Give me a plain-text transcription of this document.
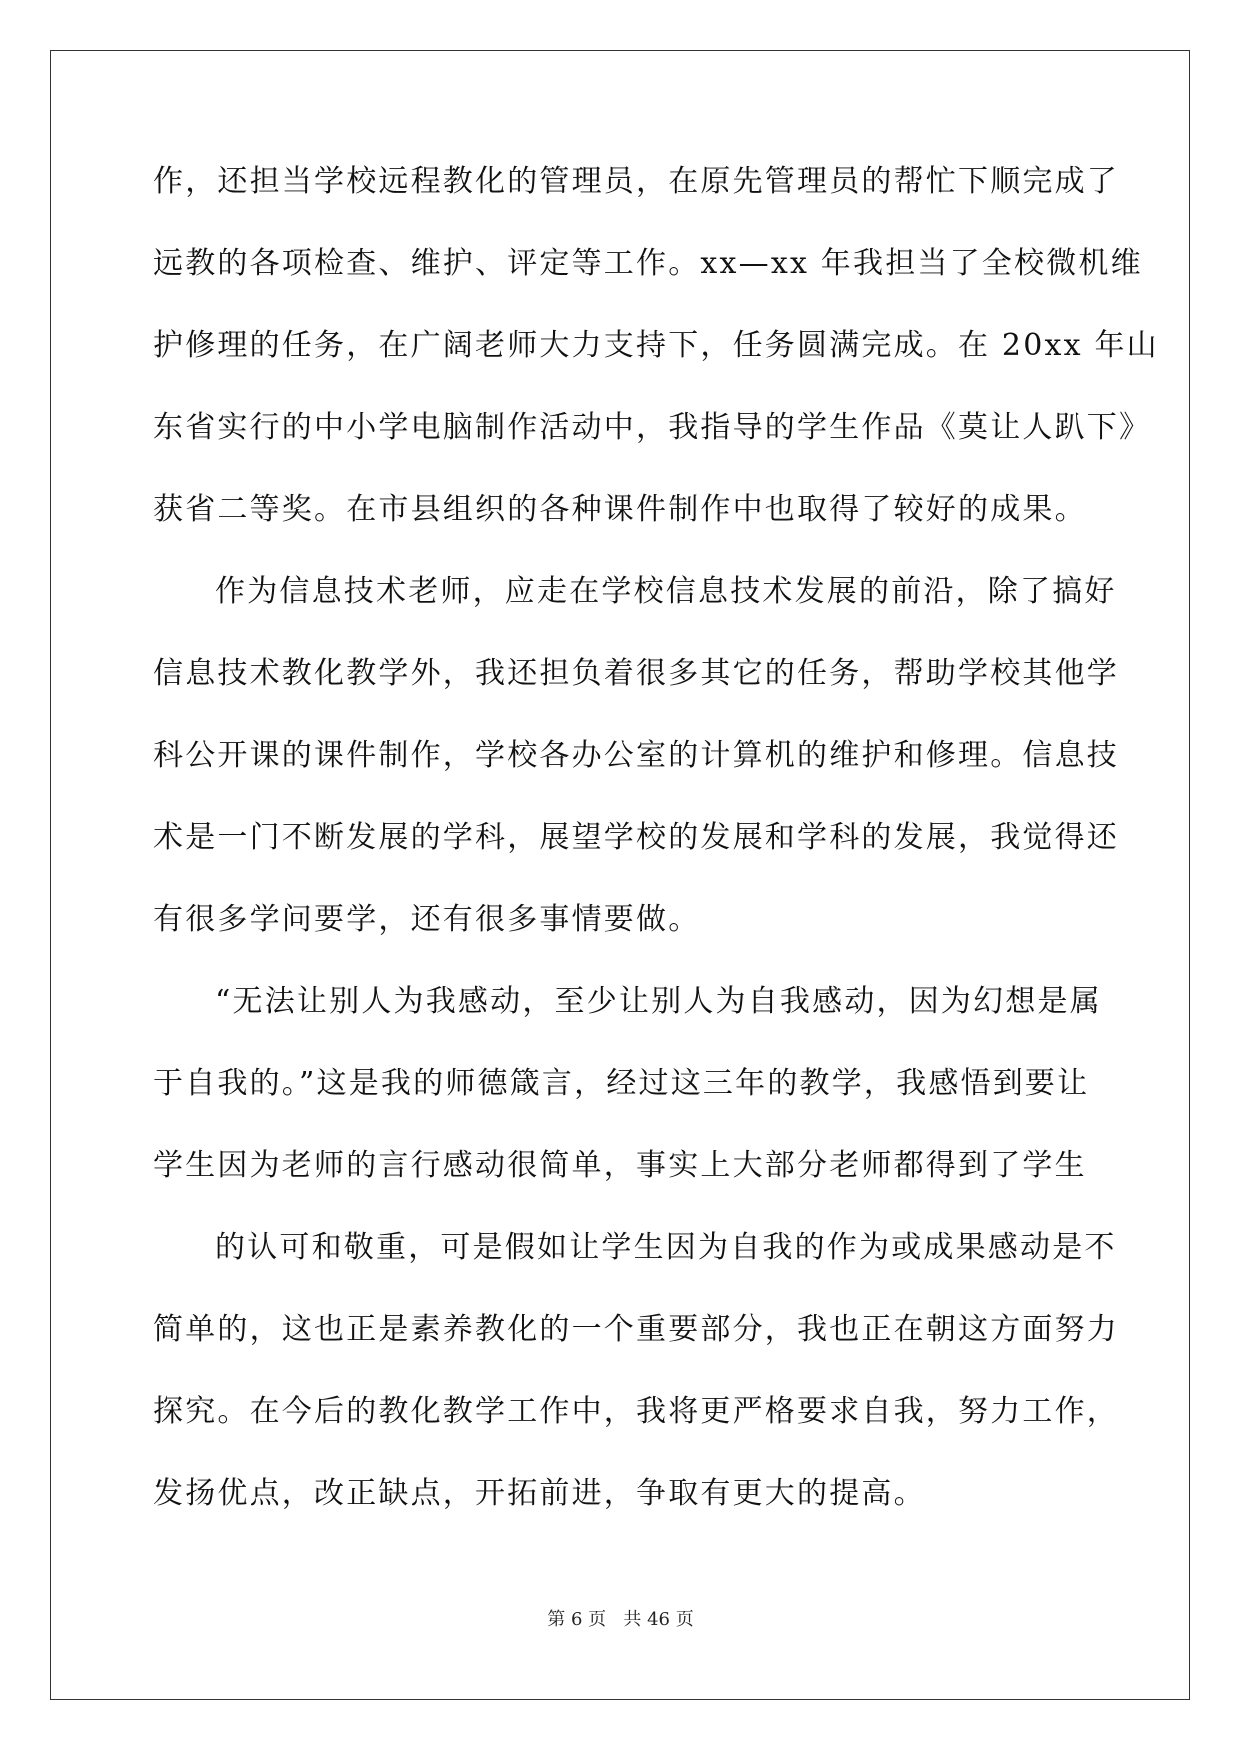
作，还担当学校远程教化的管理员，在原先管理员的帮忙下顺完成了
远教的各项检查、维护、评定等工作。xx—xx 年我担当了全校微机维
护修理的任务，在广阔老师大力支持下，任务圆满完成。在 20xx 年山
东省实行的中小学电脑制作活动中，我指导的学生作品《莫让人趴下》
获省二等奖。在市县组织的各种课件制作中也取得了较好的成果。
作为信息技术老师，应走在学校信息技术发展的前沿，除了搞好
信息技术教化教学外，我还担负着很多其它的任务，帮助学校其他学
科公开课的课件制作，学校各办公室的计算机的维护和修理。信息技
术是一门不断发展的学科，展望学校的发展和学科的发展，我觉得还
有很多学问要学，还有很多事情要做。
“无法让别人为我感动，至少让别人为自我感动，因为幻想是属
于自我的。”这是我的师德箴言，经过这三年的教学，我感悟到要让
学生因为老师的言行感动很简单，事实上大部分老师都得到了学生
的认可和敬重，可是假如让学生因为自我的作为或成果感动是不
简单的，这也正是素养教化的一个重要部分，我也正在朝这方面努力
探究。在今后的教化教学工作中，我将更严格要求自我，努力工作，
发扬优点，改正缺点，开拓前进，争取有更大的提高。
第 6 页   共 46 页
